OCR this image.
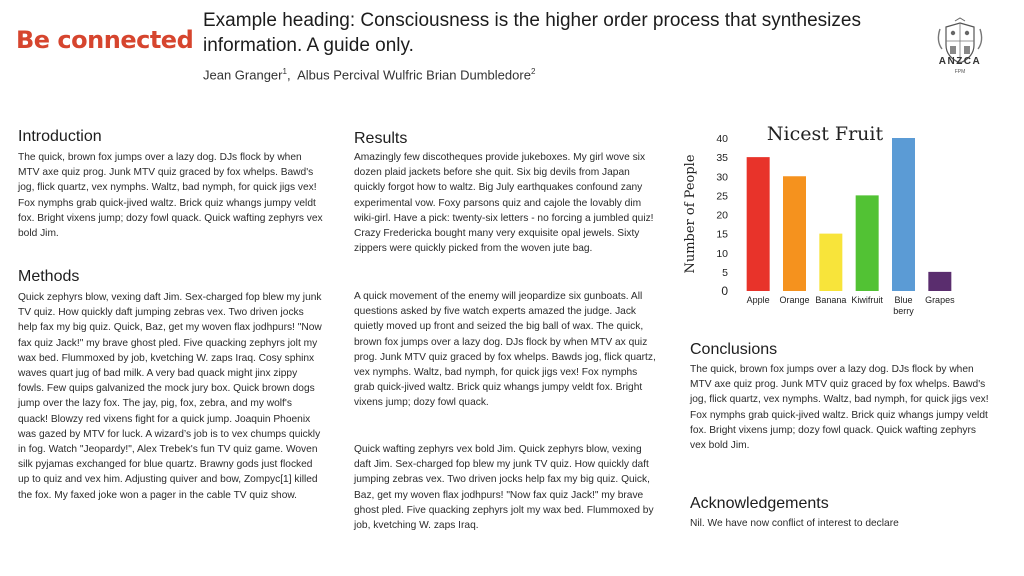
Be connected
Example heading: Consciousness is the higher order process that synthesizes information. A guide only.
Jean Granger$^1$,  Albus Percival Wulfric Brian Dumbledore$^2$
ANZCA
FPM
Introduction
The quick, brown fox jumps over a lazy dog. DJs flock by when MTV axe quiz prog. Junk MTV quiz graced by fox whelps. Bawd's jog, flick quartz, vex nymphs. Waltz, bad nymph, for quick jigs vex! Fox nymphs grab quick-jived waltz. Brick quiz whangs jumpy veldt fox. Bright vixens jump; dozy fowl quack. Quick wafting zephyrs vex bold Jim.
Methods
Quick zephyrs blow, vexing daft Jim. Sex-charged fop blew my junk TV quiz. How quickly daft jumping zebras vex. Two driven jocks help fax my big quiz. Quick, Baz, get my woven flax jodhpurs! "Now fax quiz Jack!" my brave ghost pled. Five quacking zephyrs jolt my wax bed. Flummoxed by job, kvetching W. zaps Iraq. Cosy sphinx waves quart jug of bad milk. A very bad quack might jinx zippy fowls. Few quips galvanized the mock jury box. Quick brown dogs jump over the lazy fox. The jay, pig, fox, zebra, and my wolf's quack! Blowzy red vixens fight for a quick jump. Joaquin Phoenix was gazed by MTV for luck. A wizard’s job is to vex chumps quickly in fog. Watch "Jeopardy!", Alex Trebek's fun TV quiz game. Woven silk pyjamas exchanged for blue quartz. Brawny gods just flocked up to quiz and vex him. Adjusting quiver and bow, Zompyc[1] killed the fox. My faxed joke won a pager in the cable TV quiz show.
Results
Amazingly few discotheques provide jukeboxes. My girl wove six dozen plaid jackets before she quit. Six big devils from Japan quickly forgot how to waltz. Big July earthquakes confound zany experimental vow. Foxy parsons quiz and cajole the lovably dim wiki-girl. Have a pick: twenty-six letters - no forcing a jumbled quiz! Crazy Fredericka bought many very exquisite opal jewels. Sixty zippers were quickly picked from the woven jute bag.
A quick movement of the enemy will jeopardize six gunboats. All questions asked by five watch experts amazed the judge. Jack quietly moved up front and seized the big ball of wax. The quick, brown fox jumps over a lazy dog. DJs flock by when MTV ax quiz prog. Junk MTV quiz graced by fox whelps. Bawds jog, flick quartz, vex nymphs. Waltz, bad nymph, for quick jigs vex! Fox nymphs grab quick-jived waltz. Brick quiz whangs jumpy veldt fox. Bright vixens jump; dozy fowl quack.
Quick wafting zephyrs vex bold Jim. Quick zephyrs blow, vexing daft Jim. Sex-charged fop blew my junk TV quiz. How quickly daft jumping zebras vex. Two driven jocks help fax my big quiz. Quick, Baz, get my woven flax jodhpurs! "Now fax quiz Jack!" my brave ghost pled. Five quacking zephyrs jolt my wax bed. Flummoxed by job, kvetching W. zaps Iraq.
Nicest Fruit
Number of People
0
5
10
15
20
25
30
35
40
Apple Orange Banana Kiwifruit Blue
berry
Grapes
Conclusions
The quick, brown fox jumps over a lazy dog. DJs flock by when MTV axe quiz prog. Junk MTV quiz graced by fox whelps. Bawd's jog, flick quartz, vex nymphs. Waltz, bad nymph, for quick jigs vex! Fox nymphs grab quick-jived waltz. Brick quiz whangs jumpy veldt fox. Bright vixens jump; dozy fowl quack. Quick wafting zephyrs vex bold Jim.
Acknowledgements
Nil. We have now conflict of interest to declare
